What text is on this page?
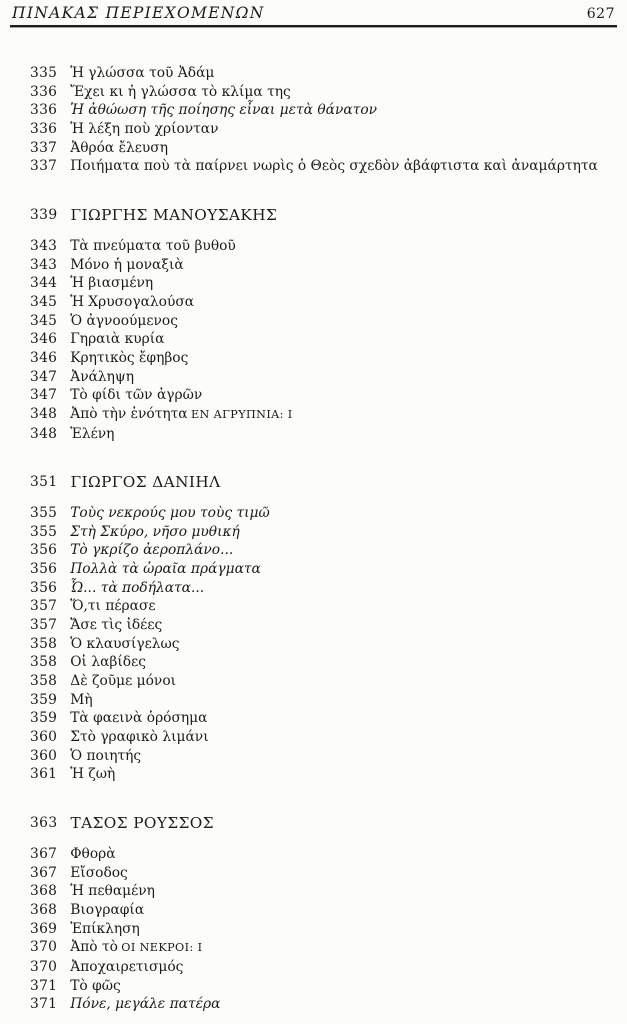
ΠΙΝΑΚΑΣ ΠΕΡΙΕΧΟΜΕΝΩΝ	627
335 Ἡ γλώσσα τοῦ Ἀδάμ
336 Ἔχει κι ἡ γλώσσα τὸ κλίμα της
336 Ἡ ἀθώωση τῆς ποίησης εἶναι μετὰ θάνατον
336 Ἡ λέξη ποὺ χρίονταν
337 Ἀθρόα ἔλευση
337 Ποιήματα ποὺ τὰ παίρνει νωρὶς ὁ Θεὸς σχεδὸν ἀβάφτιστα καὶ ἀναμάρτητα
339 ΓΙΩΡΓΗΣ ΜΑΝΟΥΣΑΚΗΣ
343 Τὰ πνεύματα τοῦ βυθοῦ
343 Μόνο ἡ μοναξιὰ
344 Ἡ βιασμένη
345 Ἡ Χρυσογαλούσα
345 Ὁ ἀγνοούμενος
346 Γηραιὰ κυρία
346 Κρητικὸς ἔφηβος
347 Ἀνάληψη
347 Τὸ φίδι τῶν ἀγρῶν
348 Ἀπὸ τὴν ἑνότητα ΕΝ ΑΓΡΥΠΝΙΑ: Ι
348 Ἑλένη
351 ΓΙΩΡΓΟΣ ΔΑΝΙΗΛ
355 Τοὺς νεκρούς μου τοὺς τιμῶ
355 Στὴ Σκύρο, νῆσο μυθική
356 Τὸ γκρίζο ἀεροπλάνο...
356 Πολλὰ τὰ ὡραῖα πράγματα
356 Ὦ... τὰ ποδήλατα...
357 Ὅ,τι πέρασε
357 Ἄσε τὶς ἰδέες
358 Ὁ κλαυσίγελως
358 Οἱ λαβίδες
358 Δὲ ζοῦμε μόνοι
359 Μὴ
359 Τὰ φαεινὰ ὁρόσημα
360 Στὸ γραφικὸ λιμάνι
360 Ὁ ποιητής
361 Ἡ ζωὴ
363 ΤΑΣΟΣ ΡΟΥΣΣΟΣ
367 Φθορὰ
367 Εἴσοδος
368 Ἡ πεθαμένη
368 Βιογραφία
369 Ἐπίκληση
370 Ἀπὸ τὸ ΟΙ ΝΕΚΡΟΙ: Ι
370 Ἀποχαιρετισμός
371 Τὸ φῶς
371 Πόνε, μεγάλε πατέρα
